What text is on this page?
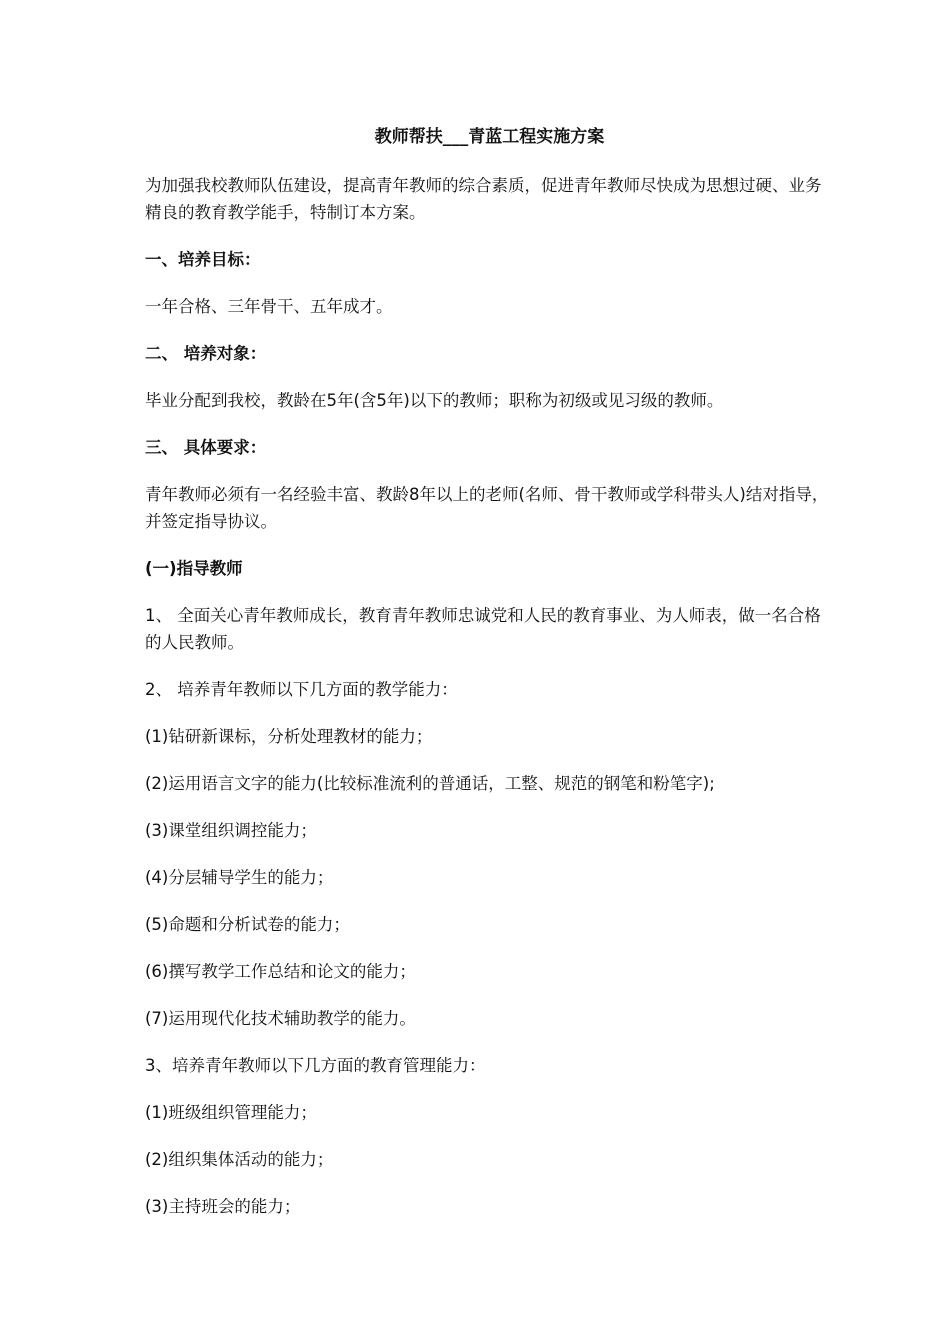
教师帮扶___青蓝工程实施方案

为加强我校教师队伍建设，提高青年教师的综合素质，促进青年教师尽快成为思想过硬、业务精良的教育教学能手，特制订本方案。

一、培养目标：

一年合格、三年骨干、五年成才。

二、 培养对象：

毕业分配到我校，教龄在5年(含5年)以下的教师；职称为初级或见习级的教师。

三、 具体要求：

青年教师必须有一名经验丰富、教龄8年以上的老师(名师、骨干教师或学科带头人)结对指导，并签定指导协议。

(一)指导教师

1、 全面关心青年教师成长，教育青年教师忠诚党和人民的教育事业、为人师表，做一名合格的人民教师。

2、 培养青年教师以下几方面的教学能力：

(1)钻研新课标，分析处理教材的能力；

(2)运用语言文字的能力(比较标准流利的普通话，工整、规范的钢笔和粉笔字);

(3)课堂组织调控能力；

(4)分层辅导学生的能力；

(5)命题和分析试卷的能力；

(6)撰写教学工作总结和论文的能力；

(7)运用现代化技术辅助教学的能力。

3、培养青年教师以下几方面的教育管理能力：

(1)班级组织管理能力；

(2)组织集体活动的能力；

(3)主持班会的能力；
